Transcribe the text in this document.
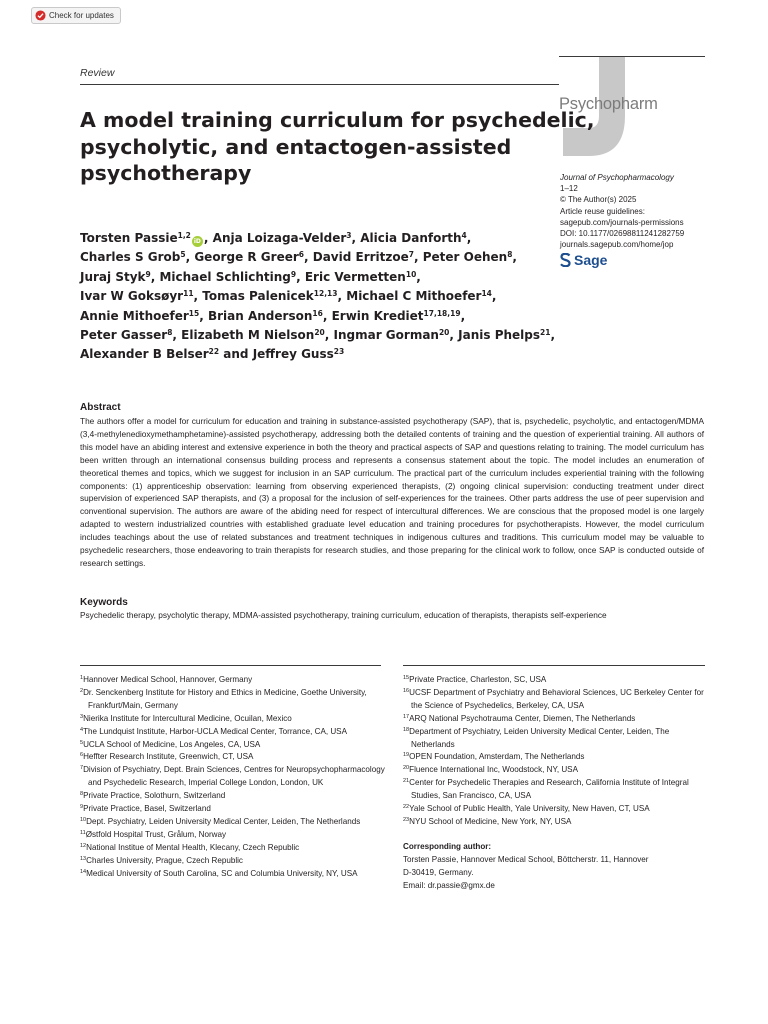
Check for updates
Review
Psychopharm
A model training curriculum for psychedelic,
psycholytic, and entactogen-assisted
psychotherapy	Journal of Psychopharmacology
1–12
© The Author(s) 2025
Article reuse guidelines:
sagepub.com/journals-permissions
DOI: 10.1177/02698811241282759
journals.sagepub.com/home/jop
Sage
Torsten Passie$^{1,2}$iD , Anja Loizaga-Velder$^3$, Alicia Danforth$^4$,
Charles S Grob$^5$, George R Greer$^6$, David Erritzoe$^7$, Peter Oehen$^8$,
Juraj Styk$^9$, Michael Schlichting$^9$, Eric Vermetten$^{10}$,
Ivar W Goksøyr$^{11}$, Tomas Palenicek$^{12,13}$, Michael C Mithoefer$^{14}$,
Annie Mithoefer$^{15}$, Brian Anderson$^{16}$, Erwin Krediet$^{17,18,19}$,
Peter Gasser$^8$, Elizabeth M Nielson$^{20}$, Ingmar Gorman$^{20}$, Janis Phelps$^{21}$,
Alexander B Belser$^{22}$ and Jeffrey Guss$^{23}$
Abstract
The authors offer a model for curriculum for education and training in substance-assisted psychotherapy (SAP), that is, psychedelic, psycholytic, and entactogen/MDMA (3,4-methylenedioxymethamphetamine)-assisted psychotherapy, addressing both the detailed contents of training and the question of experiential training. All authors of this model have an abiding interest and extensive experience in both the theory and practical aspects of SAP and questions relating to training. The model curriculum has been written through an international consensus building process and represents a consensus statement about the topic. The model includes an enumeration of theoretical themes and topics, which we suggest for inclusion in an SAP curriculum. The practical part of the curriculum includes experiential training with the following components: (1) apprenticeship observation: learning from observing experienced therapists, (2) ongoing clinical supervision: conducting treatment under direct supervision of experienced SAP therapists, and (3) a proposal for the inclusion of self-experiences for the trainees. Other parts address the use of peer supervision and conventional supervision. The authors are aware of the abiding need for respect of intercultural differences. We are conscious that the proposed model is one largely adapted to western industrialized countries with established graduate level education and training procedures for psychotherapists. However, the model curriculum includes teachings about the use of related substances and treatment techniques in indigenous cultures and traditions. This curriculum model may be valuable to psychedelic researchers, those endeavoring to train therapists for research studies, and those preparing for the clinical work to follow, once SAP is conducted outside of research settings.
Keywords
Psychedelic therapy, psycholytic therapy, MDMA-assisted psychotherapy, training curriculum, education of therapists, therapists self-experience
$^1$Hannover Medical School, Hannover, Germany
$^2$Dr. Senckenberg Institute for History and Ethics in Medicine, Goethe University, Frankfurt/Main, Germany
$^3$Nierika Institute for Intercultural Medicine, Ocuilan, Mexico
$^4$The Lundquist Institute, Harbor-UCLA Medical Center, Torrance, CA, USA
$^5$UCLA School of Medicine, Los Angeles, CA, USA
$^6$Heffter Research Institute, Greenwich, CT, USA
$^7$Division of Psychiatry, Dept. Brain Sciences, Centres for Neuropsychopharmacology and Psychedelic Research, Imperial College London, London, UK
$^8$Private Practice, Solothurn, Switzerland
$^9$Private Practice, Basel, Switzerland
$^{10}$Dept. Psychiatry, Leiden University Medical Center, Leiden, The Netherlands
$^{11}$Østfold Hospital Trust, Grålum, Norway
$^{12}$National Institue of Mental Health, Klecany, Czech Republic
$^{13}$Charles University, Prague, Czech Republic
$^{14}$Medical University of South Carolina, SC and Columbia University, NY, USA
$^{15}$Private Practice, Charleston, SC, USA
$^{16}$UCSF Department of Psychiatry and Behavioral Sciences, UC Berkeley Center for the Science of Psychedelics, Berkeley, CA, USA
$^{17}$ARQ National Psychotrauma Center, Diemen, The Netherlands
$^{18}$Department of Psychiatry, Leiden University Medical Center, Leiden, The Netherlands
$^{19}$OPEN Foundation, Amsterdam, The Netherlands
$^{20}$Fluence International Inc, Woodstock, NY, USA
$^{21}$Center for Psychedelic Therapies and Research, California Institute of Integral Studies, San Francisco, CA, USA
$^{22}$Yale School of Public Health, Yale University, New Haven, CT, USA
$^{23}$NYU School of Medicine, New York, NY, USA
Corresponding author:
Torsten Passie, Hannover Medical School, Böttcherstr. 11, Hannover
D-30419, Germany.
Email: dr.passie@gmx.de
